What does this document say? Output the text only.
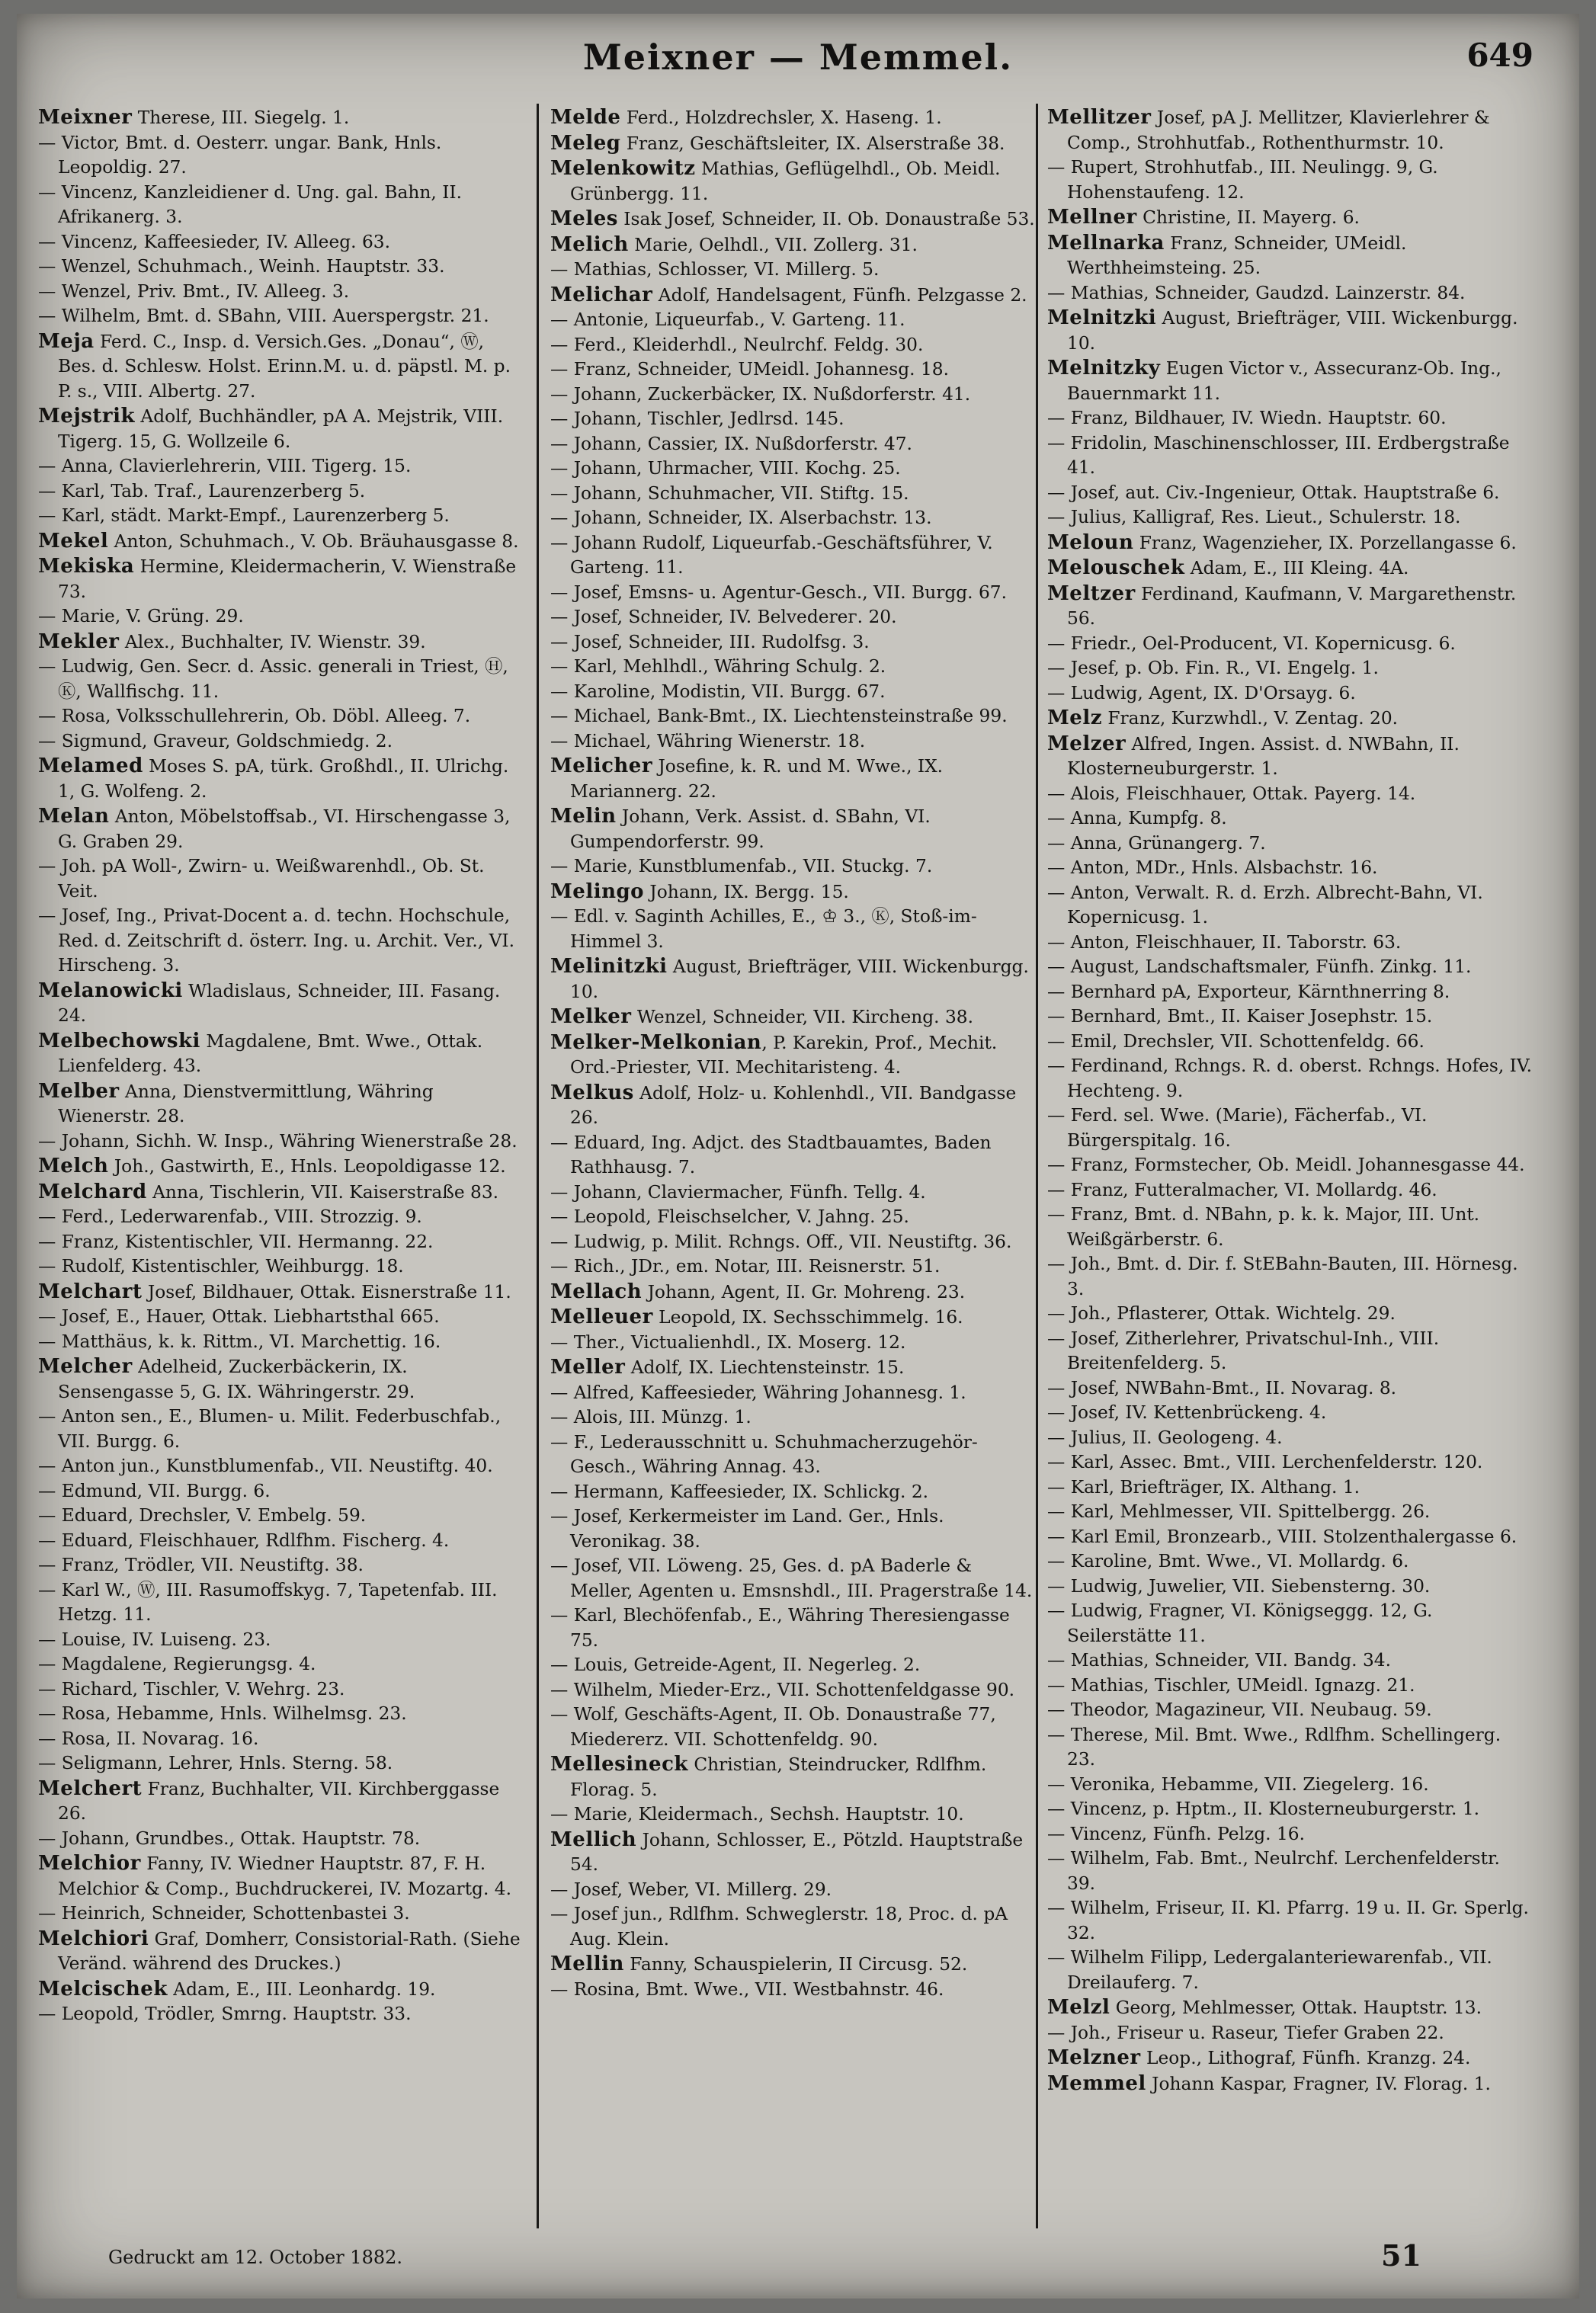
Meixner — Memmel.	649

Meixner Therese, III. Siegelg. 1.

— Victor, Bmt. d. Oesterr. ungar. Bank, Hnls. Leopoldig. 27.

— Vincenz, Kanzleidiener d. Ung. gal. Bahn, II. Afrikanerg. 3.

— Vincenz, Kaffeesieder, IV. Alleeg. 63.

— Wenzel, Schuhmach., Weinh. Hauptstr. 33.

— Wenzel, Priv. Bmt., IV. Alleeg. 3.

— Wilhelm, Bmt. d. SBahn, VIII. Auerspergstr. 21.

Meja Ferd. C., Insp. d. Versich.Ges. „Donau“, Ⓦ, Bes. d. Schlesw. Holst. Erinn.M. u. d. päpstl. M. p. P. s., VIII. Albertg. 27.

Mejstrik Adolf, Buchhändler, pA A. Mejstrik, VIII. Tigerg. 15, G. Wollzeile 6.

— Anna, Clavierlehrerin, VIII. Tigerg. 15.

— Karl, Tab. Traf., Laurenzerberg 5.

— Karl, städt. Markt-Empf., Laurenzerberg 5.

Mekel Anton, Schuhmach., V. Ob. Bräuhausgasse 8.

Mekiska Hermine, Kleidermacherin, V. Wienstraße 73.

— Marie, V. Grüng. 29.

Mekler Alex., Buchhalter, IV. Wienstr. 39.

— Ludwig, Gen. Secr. d. Assic. generali in Triest, Ⓗ, Ⓚ, Wallfischg. 11.

— Rosa, Volksschullehrerin, Ob. Döbl. Alleeg. 7.

— Sigmund, Graveur, Goldschmiedg. 2.

Melamed Moses S. pA, türk. Großhdl., II. Ulrichg. 1, G. Wolfeng. 2.

Melan Anton, Möbelstoffsab., VI. Hirschengasse 3, G. Graben 29.

— Joh. pA Woll-, Zwirn- u. Weißwarenhdl., Ob. St. Veit.

— Josef, Ing., Privat-Docent a. d. techn. Hochschule, Red. d. Zeitschrift d. österr. Ing. u. Archit. Ver., VI. Hirscheng. 3.

Melanowicki Wladislaus, Schneider, III. Fasang. 24.

Melbechowski Magdalene, Bmt. Wwe., Ottak. Lienfelderg. 43.

Melber Anna, Dienstvermittlung, Währing Wienerstr. 28.

— Johann, Sichh. W. Insp., Währing Wienerstraße 28.

Melch Joh., Gastwirth, E., Hnls. Leopoldigasse 12.

Melchard Anna, Tischlerin, VII. Kaiserstraße 83.

— Ferd., Lederwarenfab., VIII. Strozzig. 9.

— Franz, Kistentischler, VII. Hermanng. 22.

— Rudolf, Kistentischler, Weihburgg. 18.

Melchart Josef, Bildhauer, Ottak. Eisnerstraße 11.

— Josef, E., Hauer, Ottak. Liebhartsthal 665.

— Matthäus, k. k. Rittm., VI. Marchettig. 16.

Melcher Adelheid, Zuckerbäckerin, IX. Sensengasse 5, G. IX. Währingerstr. 29.

— Anton sen., E., Blumen- u. Milit. Federbuschfab., VII. Burgg. 6.

— Anton jun., Kunstblumenfab., VII. Neustiftg. 40.

— Edmund, VII. Burgg. 6.

— Eduard, Drechsler, V. Embelg. 59.

— Eduard, Fleischhauer, Rdlfhm. Fischerg. 4.

— Franz, Trödler, VII. Neustiftg. 38.

— Karl W., Ⓦ, III. Rasumoffskyg. 7, Tapetenfab. III. Hetzg. 11.

— Louise, IV. Luiseng. 23.

— Magdalene, Regierungsg. 4.

— Richard, Tischler, V. Wehrg. 23.

— Rosa, Hebamme, Hnls. Wilhelmsg. 23.

— Rosa, II. Novarag. 16.

— Seligmann, Lehrer, Hnls. Sterng. 58.

Melchert Franz, Buchhalter, VII. Kirchberggasse 26.

— Johann, Grundbes., Ottak. Hauptstr. 78.

Melchior Fanny, IV. Wiedner Hauptstr. 87, F. H. Melchior & Comp., Buchdruckerei, IV. Mozartg. 4.

— Heinrich, Schneider, Schottenbastei 3.

Melchiori Graf, Domherr, Consistorial-Rath. (Siehe Veränd. während des Druckes.)

Melcischek Adam, E., III. Leonhardg. 19.

— Leopold, Trödler, Smrng. Hauptstr. 33.

Melde Ferd., Holzdrechsler, X. Haseng. 1.

Meleg Franz, Geschäftsleiter, IX. Alserstraße 38.

Melenkowitz Mathias, Geflügelhdl., Ob. Meidl. Grünbergg. 11.

Meles Isak Josef, Schneider, II. Ob. Donaustraße 53.

Melich Marie, Oelhdl., VII. Zollerg. 31.

— Mathias, Schlosser, VI. Millerg. 5.

Melichar Adolf, Handelsagent, Fünfh. Pelzgasse 2.

— Antonie, Liqueurfab., V. Garteng. 11.

— Ferd., Kleiderhdl., Neulrchf. Feldg. 30.

— Franz, Schneider, UMeidl. Johannesg. 18.

— Johann, Zuckerbäcker, IX. Nußdorferstr. 41.

— Johann, Tischler, Jedlrsd. 145.

— Johann, Cassier, IX. Nußdorferstr. 47.

— Johann, Uhrmacher, VIII. Kochg. 25.

— Johann, Schuhmacher, VII. Stiftg. 15.

— Johann, Schneider, IX. Alserbachstr. 13.

— Johann Rudolf, Liqueurfab.-Geschäftsführer, V. Garteng. 11.

— Josef, Emsns- u. Agentur-Gesch., VII. Burgg. 67.

— Josef, Schneider, IV. Belvederег. 20.

— Josef, Schneider, III. Rudolfsg. 3.

— Karl, Mehlhdl., Währing Schulg. 2.

— Karoline, Modistin, VII. Burgg. 67.

— Michael, Bank-Bmt., IX. Liechtensteinstraße 99.

— Michael, Währing Wienerstr. 18.

Melicher Josefine, k. R. und M. Wwe., IX. Mariannerg. 22.

Melin Johann, Verk. Assist. d. SBahn, VI. Gumpendorferstr. 99.

— Marie, Kunstblumenfab., VII. Stuckg. 7.

Melingo Johann, IX. Bergg. 15.

— Edl. v. Saginth Achilles, E., ♔ 3., Ⓚ, Stoß-im-Himmel 3.

Melinitzki August, Briefträger, VIII. Wickenburgg. 10.

Melker Wenzel, Schneider, VII. Kircheng. 38.

Melker-Melkonian, P. Karekin, Prof., Mechit. Ord.-Priester, VII. Mechitaristeng. 4.

Melkus Adolf, Holz- u. Kohlenhdl., VII. Bandgasse 26.

— Eduard, Ing. Adjct. des Stadtbauamtes, Baden Rathhausg. 7.

— Johann, Claviermacher, Fünfh. Tellg. 4.

— Leopold, Fleischselcher, V. Jahng. 25.

— Ludwig, p. Milit. Rchngs. Off., VII. Neustiftg. 36.

— Rich., JDr., em. Notar, III. Reisnerstr. 51.

Mellach Johann, Agent, II. Gr. Mohreng. 23.

Melleuer Leopold, IX. Sechsschimmelg. 16.

— Ther., Victualienhdl., IX. Moserg. 12.

Meller Adolf, IX. Liechtensteinstr. 15.

— Alfred, Kaffeesieder, Währing Johannesg. 1.

— Alois, III. Münzg. 1.

— F., Lederausschnitt u. Schuhmacherzugehör-Gesch., Währing Annag. 43.

— Hermann, Kaffeesieder, IX. Schlickg. 2.

— Josef, Kerkermeister im Land. Ger., Hnls. Veronikag. 38.

— Josef, VII. Löweng. 25, Ges. d. pA Baderle & Meller, Agenten u. Emsnshdl., III. Pragerstraße 14.

— Karl, Blechöfenfab., E., Währing Theresiengasse 75.

— Louis, Getreide-Agent, II. Negerleg. 2.

— Wilhelm, Mieder-Erz., VII. Schottenfeldgasse 90.

— Wolf, Geschäfts-Agent, II. Ob. Donaustraße 77, Miedererz. VII. Schottenfeldg. 90.

Mellesineck Christian, Steindrucker, Rdlfhm. Florag. 5.

— Marie, Kleidermach., Sechsh. Hauptstr. 10.

Mellich Johann, Schlosser, E., Pötzld. Hauptstraße 54.

— Josef, Weber, VI. Millerg. 29.

— Josef jun., Rdlfhm. Schweglerstr. 18, Proc. d. pA Aug. Klein.

Mellin Fanny, Schauspielerin, II Circusg. 52.

— Rosina, Bmt. Wwe., VII. Westbahnstr. 46.

Mellitzer Josef, pA J. Mellitzer, Klavierlehrer & Comp., Strohhutfab., Rothenthurmstr. 10.

— Rupert, Strohhutfab., III. Neulingg. 9, G. Hohenstaufeng. 12.

Mellner Christine, II. Mayerg. 6.

Mellnarka Franz, Schneider, UMeidl. Werthheimsteing. 25.

— Mathias, Schneider, Gaudzd. Lainzerstr. 84.

Melnitzki August, Briefträger, VIII. Wickenburgg. 10.

Melnitzky Eugen Victor v., Assecuranz-Ob. Ing., Bauernmarkt 11.

— Franz, Bildhauer, IV. Wiedn. Hauptstr. 60.

— Fridolin, Maschinenschlosser, III. Erdbergstraße 41.

— Josef, aut. Civ.-Ingenieur, Ottak. Hauptstraße 6.

— Julius, Kalligraf, Res. Lieut., Schulerstr. 18.

Meloun Franz, Wagenzieher, IX. Porzellangasse 6.

Melouschek Adam, E., III Kleing. 4A.

Meltzer Ferdinand, Kaufmann, V. Margarethenstr. 56.

— Friedr., Oel-Producent, VI. Kopernicusg. 6.

— Jesef, p. Ob. Fin. R., VI. Engelg. 1.

— Ludwig, Agent, IX. D'Orsayg. 6.

Melz Franz, Kurzwhdl., V. Zentag. 20.

Melzer Alfred, Ingen. Assist. d. NWBahn, II. Klosterneuburgerstr. 1.

— Alois, Fleischhauer, Ottak. Payerg. 14.

— Anna, Kumpfg. 8.

— Anna, Grünangerg. 7.

— Anton, MDr., Hnls. Alsbachstr. 16.

— Anton, Verwalt. R. d. Erzh. Albrecht-Bahn, VI. Kopernicusg. 1.

— Anton, Fleischhauer, II. Taborstr. 63.

— August, Landschaftsmaler, Fünfh. Zinkg. 11.

— Bernhard pA, Exporteur, Kärnthnerring 8.

— Bernhard, Bmt., II. Kaiser Josephstr. 15.

— Emil, Drechsler, VII. Schottenfeldg. 66.

— Ferdinand, Rchngs. R. d. oberst. Rchngs. Hofes, IV. Hechteng. 9.

— Ferd. sel. Wwe. (Marie), Fächerfab., VI. Bürgerspitalg. 16.

— Franz, Formstecher, Ob. Meidl. Johannesgasse 44.

— Franz, Futteralmacher, VI. Mollardg. 46.

— Franz, Bmt. d. NBahn, p. k. k. Major, III. Unt. Weißgärberstr. 6.

— Joh., Bmt. d. Dir. f. StEBahn-Bauten, III. Hörnesg. 3.

— Joh., Pflasterer, Ottak. Wichtelg. 29.

— Josef, Zitherlehrer, Privatschul-Inh., VIII. Breitenfelderg. 5.

— Josef, NWBahn-Bmt., II. Novarag. 8.

— Josef, IV. Kettenbrückeng. 4.

— Julius, II. Geologeng. 4.

— Karl, Assec. Bmt., VIII. Lerchenfelderstr. 120.

— Karl, Briefträger, IX. Althang. 1.

— Karl, Mehlmesser, VII. Spittelbergg. 26.

— Karl Emil, Bronzearb., VIII. Stolzenthalergasse 6.

— Karoline, Bmt. Wwe., VI. Mollardg. 6.

— Ludwig, Juwelier, VII. Siebensterng. 30.

— Ludwig, Fragner, VI. Königseggg. 12, G. Seilerstätte 11.

— Mathias, Schneider, VII. Bandg. 34.

— Mathias, Tischler, UMeidl. Ignazg. 21.

— Theodor, Magazineur, VII. Neubaug. 59.

— Therese, Mil. Bmt. Wwe., Rdlfhm. Schellingerg. 23.

— Veronika, Hebamme, VII. Ziegelerg. 16.

— Vincenz, p. Hptm., II. Klosterneuburgerstr. 1.

— Vincenz, Fünfh. Pelzg. 16.

— Wilhelm, Fab. Bmt., Neulrchf. Lerchenfelderstr. 39.

— Wilhelm, Friseur, II. Kl. Pfarrg. 19 u. II. Gr. Sperlg. 32.

— Wilhelm Filipp, Ledergalanteriewarenfab., VII. Dreilauferg. 7.

Melzl Georg, Mehlmesser, Ottak. Hauptstr. 13.

— Joh., Friseur u. Raseur, Tiefer Graben 22.

Melzner Leop., Lithograf, Fünfh. Kranzg. 24.

Memmel Johann Kaspar, Fragner, IV. Florag. 1.

Gedruckt am 12. October 1882.	51
